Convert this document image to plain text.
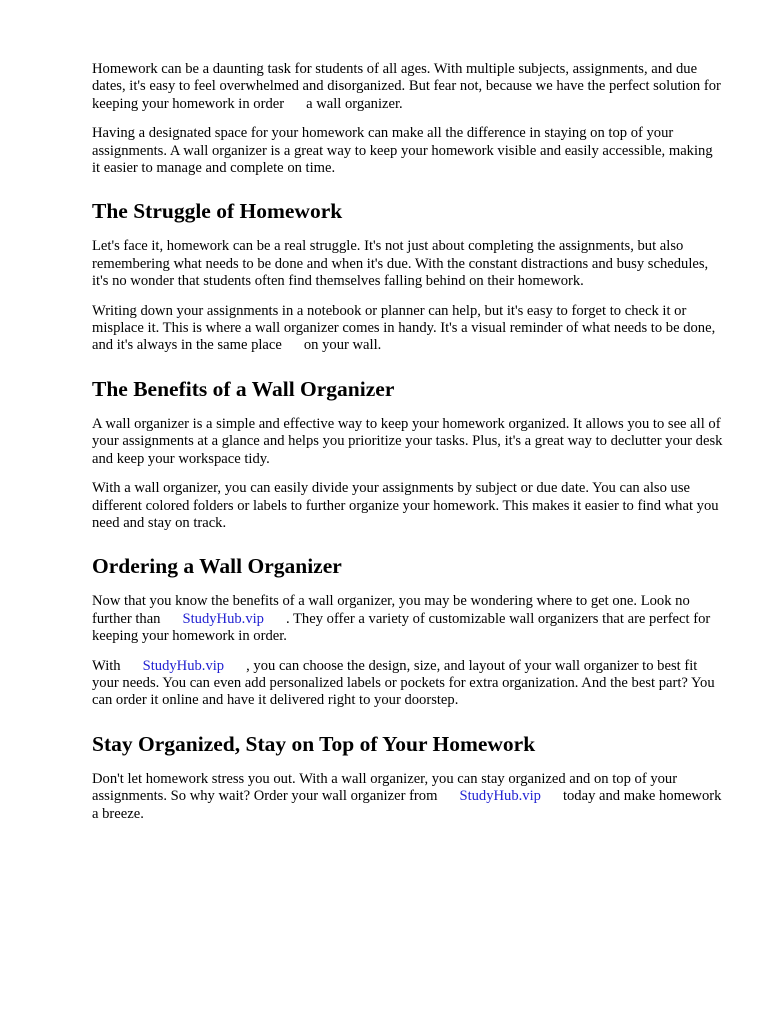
Homework can be a daunting task for students of all ages. With multiple subjects, assignments, and due dates, it's easy to feel overwhelmed and disorganized. But fear not, because we have the perfect solution for keeping your homework in order a wall organizer.

Having a designated space for your homework can make all the difference in staying on top of your assignments. A wall organizer is a great way to keep your homework visible and easily accessible, making it easier to manage and complete on time.

The Struggle of Homework

Let's face it, homework can be a real struggle. It's not just about completing the assignments, but also remembering what needs to be done and when it's due. With the constant distractions and busy schedules, it's no wonder that students often find themselves falling behind on their homework.

Writing down your assignments in a notebook or planner can help, but it's easy to forget to check it or misplace it. This is where a wall organizer comes in handy. It's a visual reminder of what needs to be done, and it's always in the same place on your wall.

The Benefits of a Wall Organizer

A wall organizer is a simple and effective way to keep your homework organized. It allows you to see all of your assignments at a glance and helps you prioritize your tasks. Plus, it's a great way to declutter your desk and keep your workspace tidy.

With a wall organizer, you can easily divide your assignments by subject or due date. You can also use different colored folders or labels to further organize your homework. This makes it easier to find what you need and stay on track.

Ordering a Wall Organizer

Now that you know the benefits of a wall organizer, you may be wondering where to get one. Look no further than StudyHub.vip . They offer a variety of customizable wall organizers that are perfect for keeping your homework in order.

With StudyHub.vip , you can choose the design, size, and layout of your wall organizer to best fit your needs. You can even add personalized labels or pockets for extra organization. And the best part? You can order it online and have it delivered right to your doorstep.

Stay Organized, Stay on Top of Your Homework

Don't let homework stress you out. With a wall organizer, you can stay organized and on top of your assignments. So why wait? Order your wall organizer from StudyHub.vip today and make homework a breeze.
